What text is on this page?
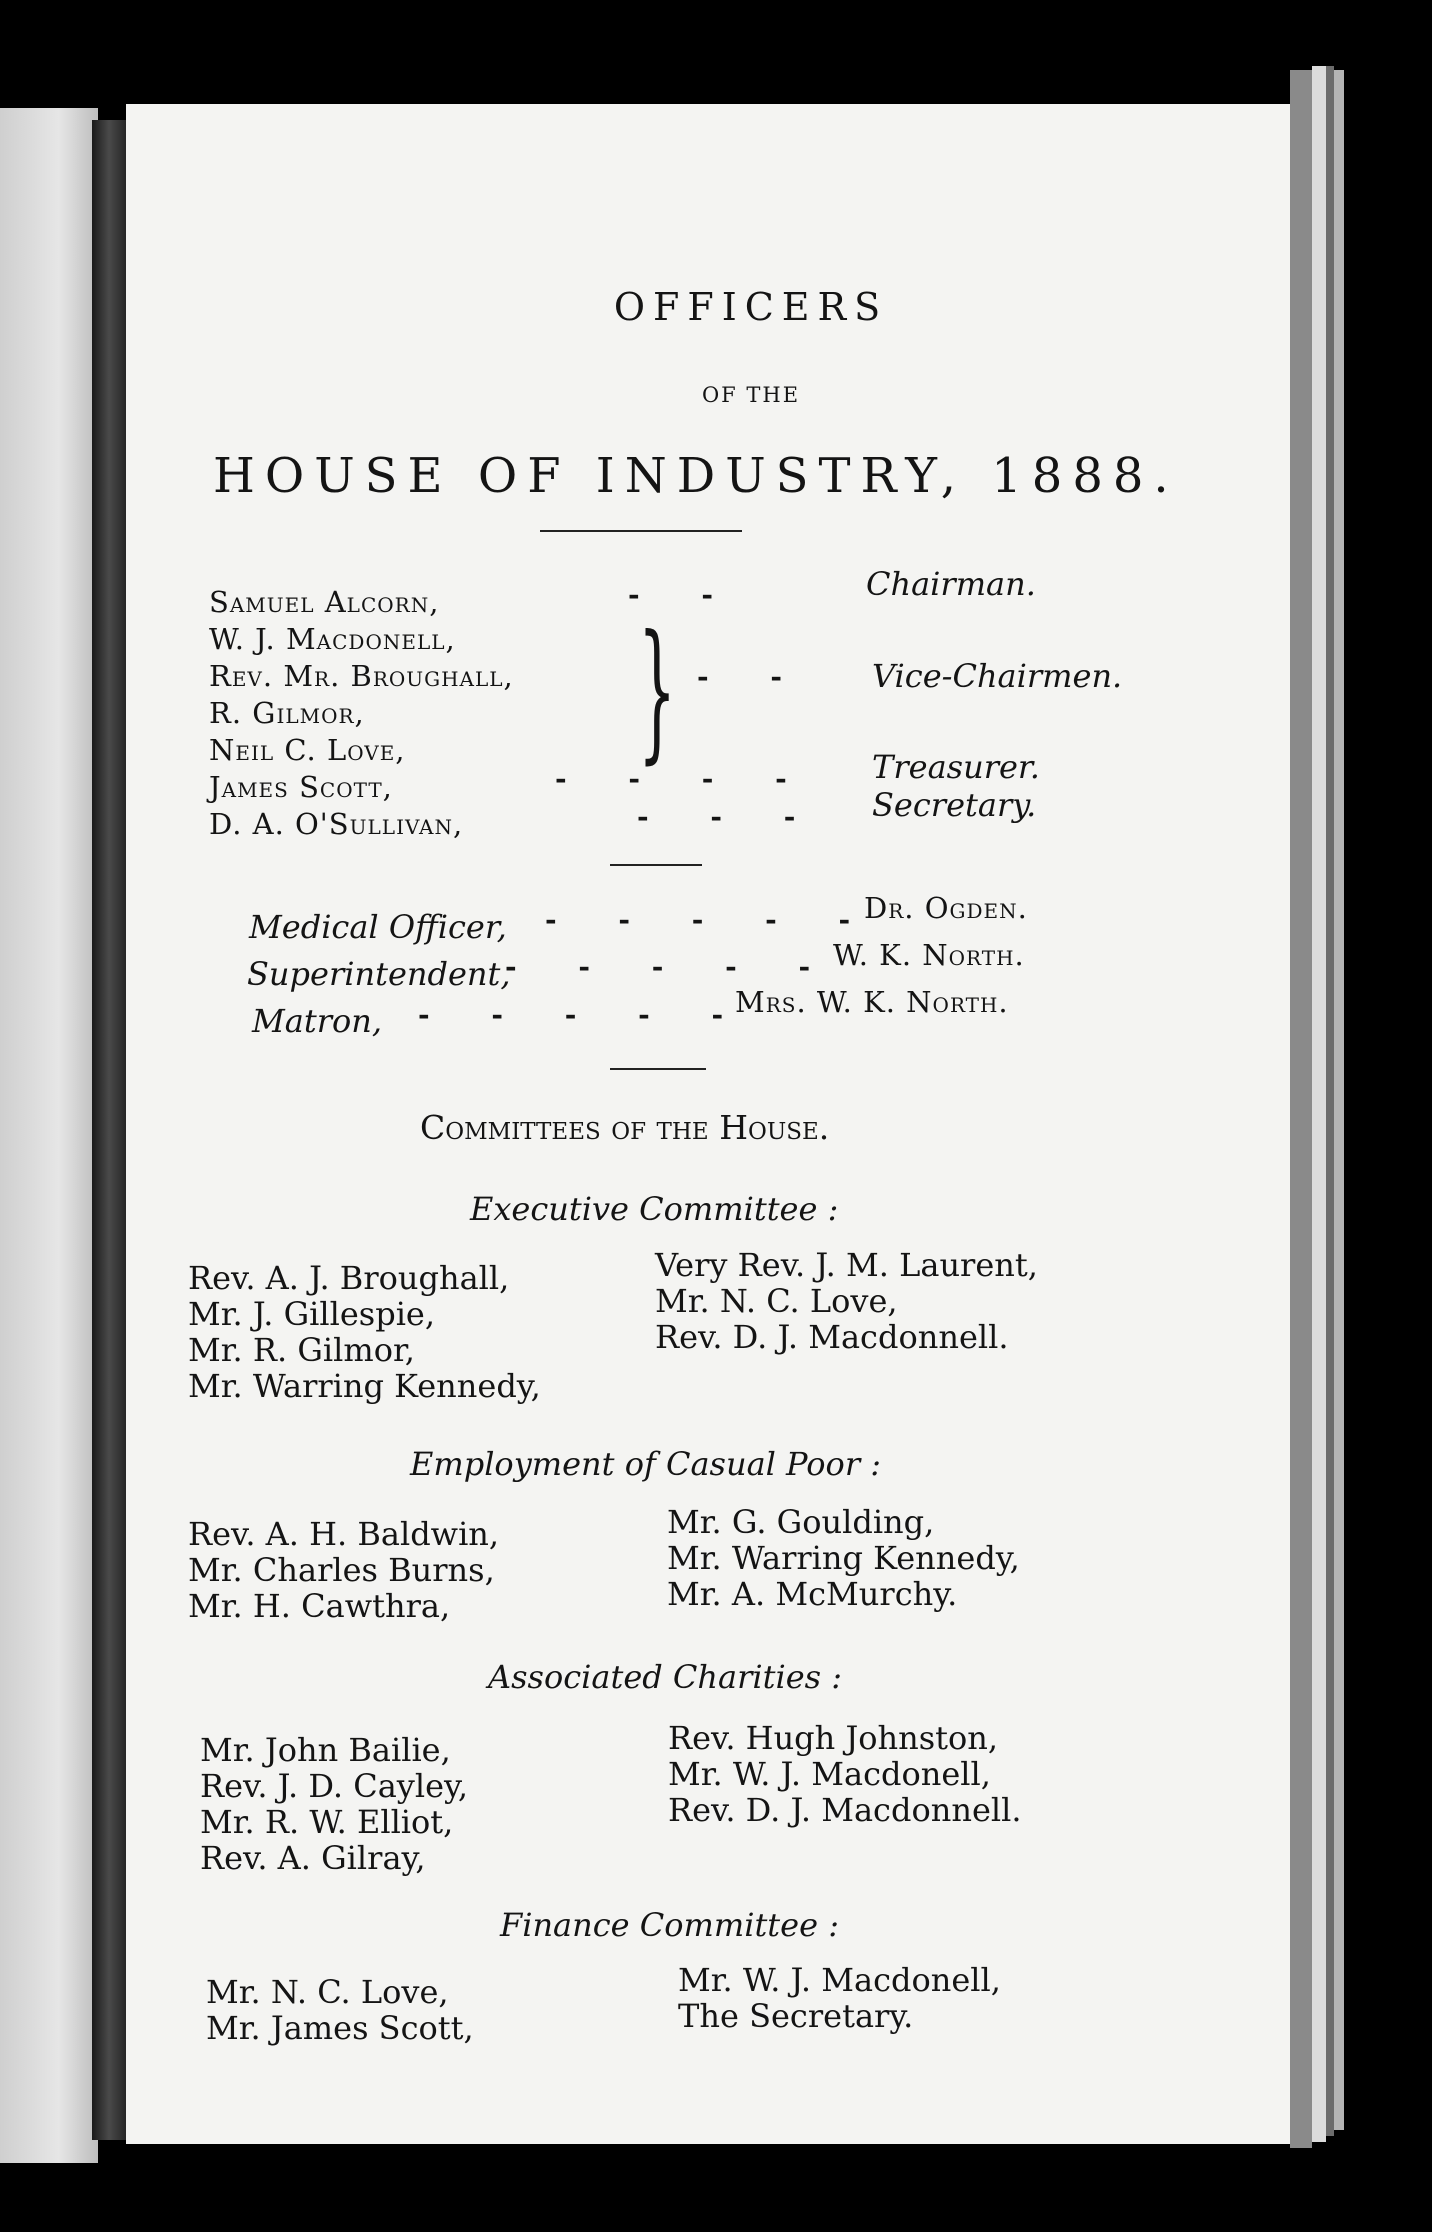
OFFICERS
OF THE
HOUSE OF INDUSTRY, 1888.
Samuel Alcorn,
W. J. Macdonell,
Rev. Mr. Broughall,
R. Gilmor,
Neil C. Love,
James Scott,
D. A. O'Sullivan,
- -
- -
- - - -
- - -
}
Chairman.
Vice-Chairmen.
Treasurer.
Secretary.
Medical Officer,
Superintendent,
Matron,
- - - - -
- - - - -
- - - - -
Dr. Ogden.
W. K. North.
Mrs. W. K. North.
Committees of the House.
Executive Committee :
Rev. A. J. Broughall,
Mr. J. Gillespie,
Mr. R. Gilmor,
Mr. Warring Kennedy,
Very Rev. J. M. Laurent,
Mr. N. C. Love,
Rev. D. J. Macdonnell.
Employment of Casual Poor :
Rev. A. H. Baldwin,
Mr. Charles Burns,
Mr. H. Cawthra,
Mr. G. Goulding,
Mr. Warring Kennedy,
Mr. A. McMurchy.
Associated Charities :
Mr. John Bailie,
Rev. J. D. Cayley,
Mr. R. W. Elliot,
Rev. A. Gilray,
Rev. Hugh Johnston,
Mr. W. J. Macdonell,
Rev. D. J. Macdonnell.
Finance Committee :
Mr. N. C. Love,
Mr. James Scott,
Mr. W. J. Macdonell,
The Secretary.
